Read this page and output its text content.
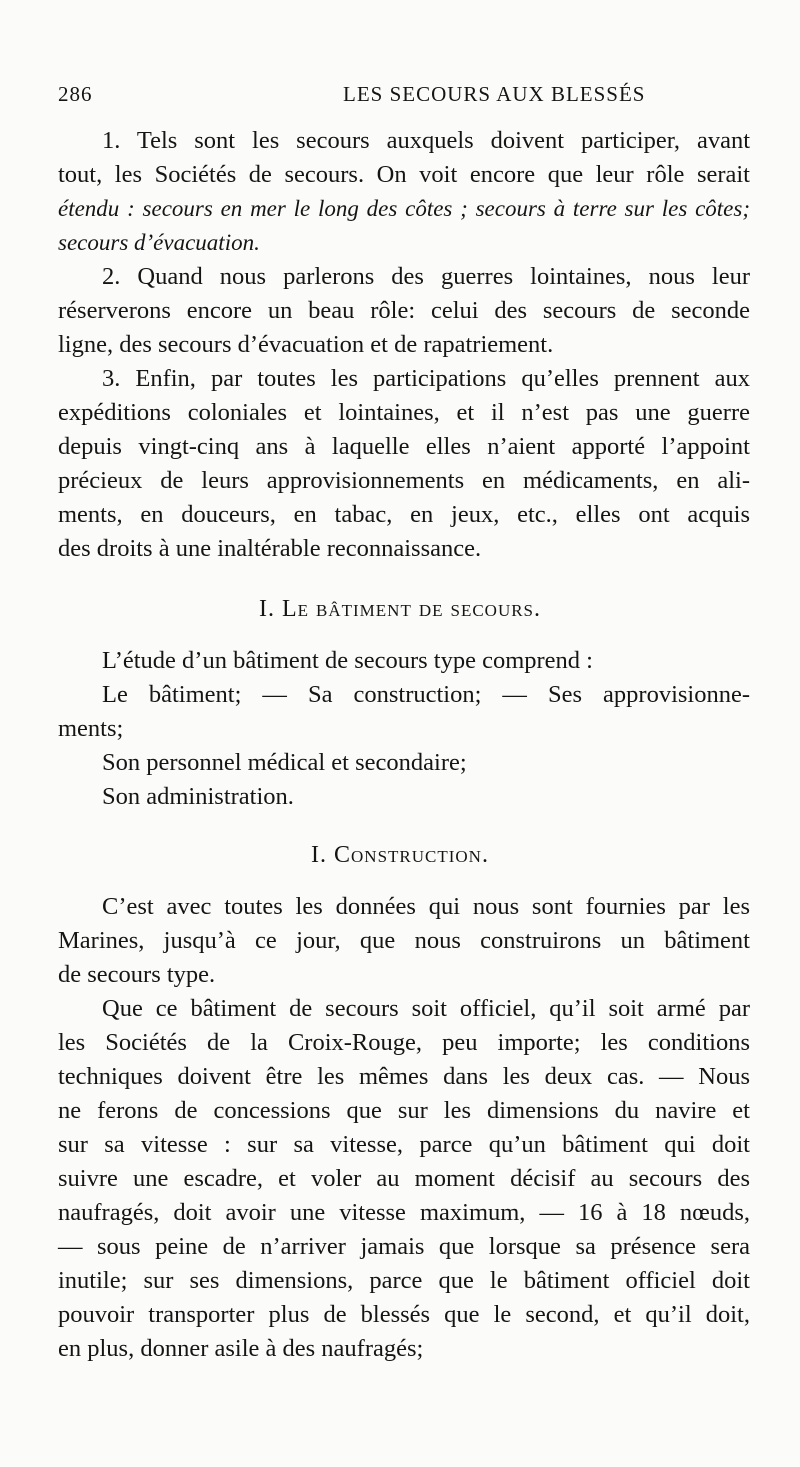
286	LES SECOURS AUX BLESSÉS
1. Tels sont les secours auxquels doivent participer, avant
tout, les Sociétés de secours. On voit encore que leur rôle serait
étendu : secours en mer le long des côtes ; secours à terre sur les côtes;
secours d’évacuation.
2. Quand nous parlerons des guerres lointaines, nous leur
réserverons encore un beau rôle: celui des secours de seconde
ligne, des secours d’évacuation et de rapatriement.
3. Enfin, par toutes les participations qu’elles prennent aux
expéditions coloniales et lointaines, et il n’est pas une guerre
depuis vingt-cinq ans à laquelle elles n’aient apporté l’appoint
précieux de leurs approvisionnements en médicaments, en ali-
ments, en douceurs, en tabac, en jeux, etc., elles ont acquis
des droits à une inaltérable reconnaissance.
I. Le bâtiment de secours.
L’étude d’un bâtiment de secours type comprend :
Le bâtiment; — Sa construction; — Ses approvisionne-
ments;
Son personnel médical et secondaire;
Son administration.
I. Construction.
C’est avec toutes les données qui nous sont fournies par les
Marines, jusqu’à ce jour, que nous construirons un bâtiment
de secours type.
Que ce bâtiment de secours soit officiel, qu’il soit armé par
les Sociétés de la Croix-Rouge, peu importe; les conditions
techniques doivent être les mêmes dans les deux cas. — Nous
ne ferons de concessions que sur les dimensions du navire et
sur sa vitesse : sur sa vitesse, parce qu’un bâtiment qui doit
suivre une escadre, et voler au moment décisif au secours des
naufragés, doit avoir une vitesse maximum, — 16 à 18 nœuds,
— sous peine de n’arriver jamais que lorsque sa présence sera
inutile; sur ses dimensions, parce que le bâtiment officiel doit
pouvoir transporter plus de blessés que le second, et qu’il doit,
en plus, donner asile à des naufragés;
